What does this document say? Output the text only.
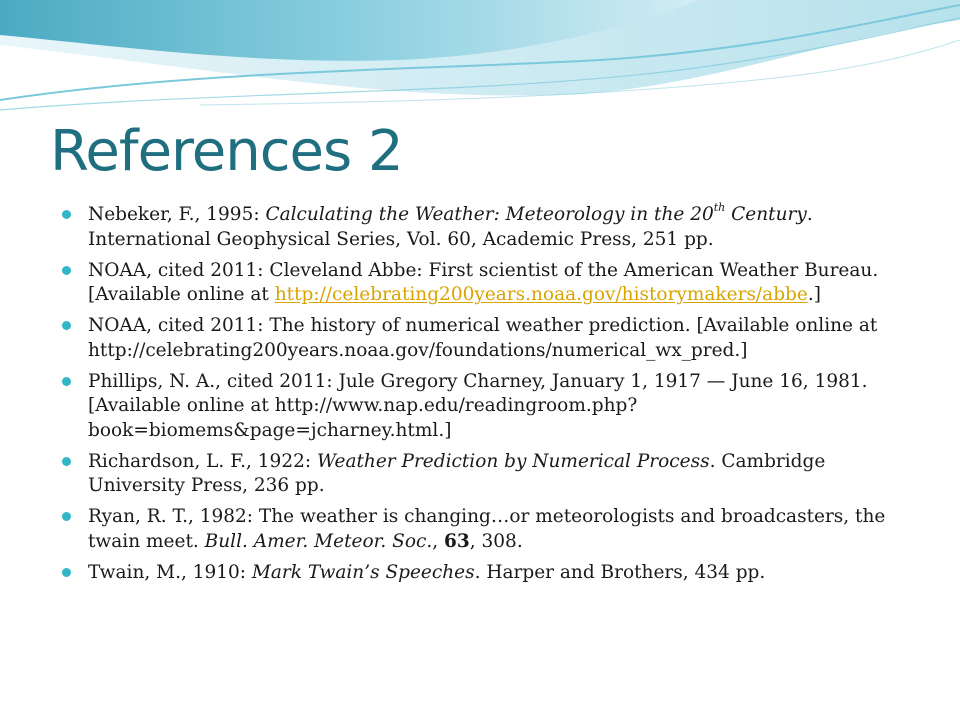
References 2
Nebeker, F., 1995: Calculating the Weather: Meteorology in the 20th Century. International Geophysical Series, Vol. 60, Academic Press, 251 pp.
NOAA, cited 2011: Cleveland Abbe: First scientist of the American Weather Bureau. [Available online at http://celebrating200years.noaa.gov/historymakers/abbe.]
NOAA, cited 2011: The history of numerical weather prediction. [Available online at http://celebrating200years.noaa.gov/foundations/numerical_wx_pred.]
Phillips, N. A., cited 2011: Jule Gregory Charney, January 1, 1917 — June 16, 1981. [Available online at http://www.nap.edu/readingroom.php?book=biomems&page=jcharney.html.]
Richardson, L. F., 1922: Weather Prediction by Numerical Process. Cambridge University Press, 236 pp.
Ryan, R. T., 1982: The weather is changing…or meteorologists and broadcasters, the twain meet. Bull. Amer. Meteor. Soc., 63, 308.
Twain, M., 1910: Mark Twain’s Speeches. Harper and Brothers, 434 pp.
